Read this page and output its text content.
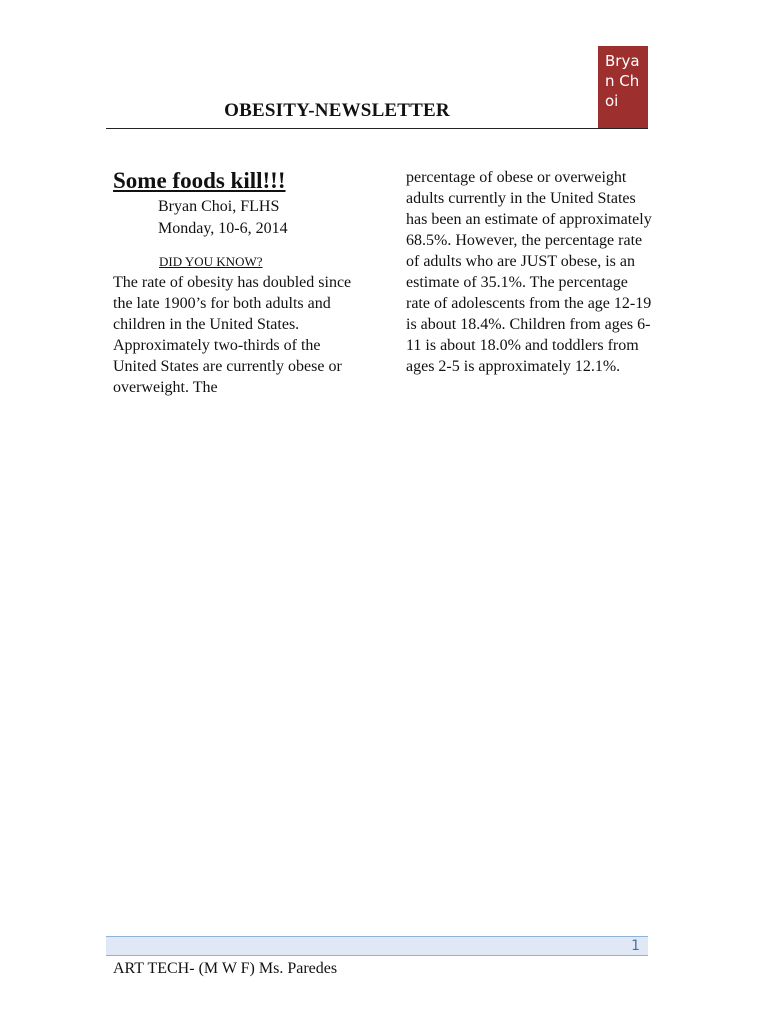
Bryan Choi
OBESITY-NEWSLETTER
Some foods kill!!!
Bryan Choi, FLHS
Monday, 10-6, 2014
DID YOU KNOW?

The rate of obesity has doubled since the late 1900’s for both adults and children in the United States. Approximately two-thirds of the United States are currently obese or overweight. The

percentage of obese or overweight adults currently in the United States has been an estimate of approximately 68.5%. However, the percentage rate of adults who are JUST obese, is an estimate of 35.1%. The percentage rate of adolescents from the age 12-19 is about 18.4%. Children from ages 6-11 is about 18.0% and toddlers from ages 2-5 is approximately 12.1%.

1
ART TECH- (M W F) Ms. Paredes
